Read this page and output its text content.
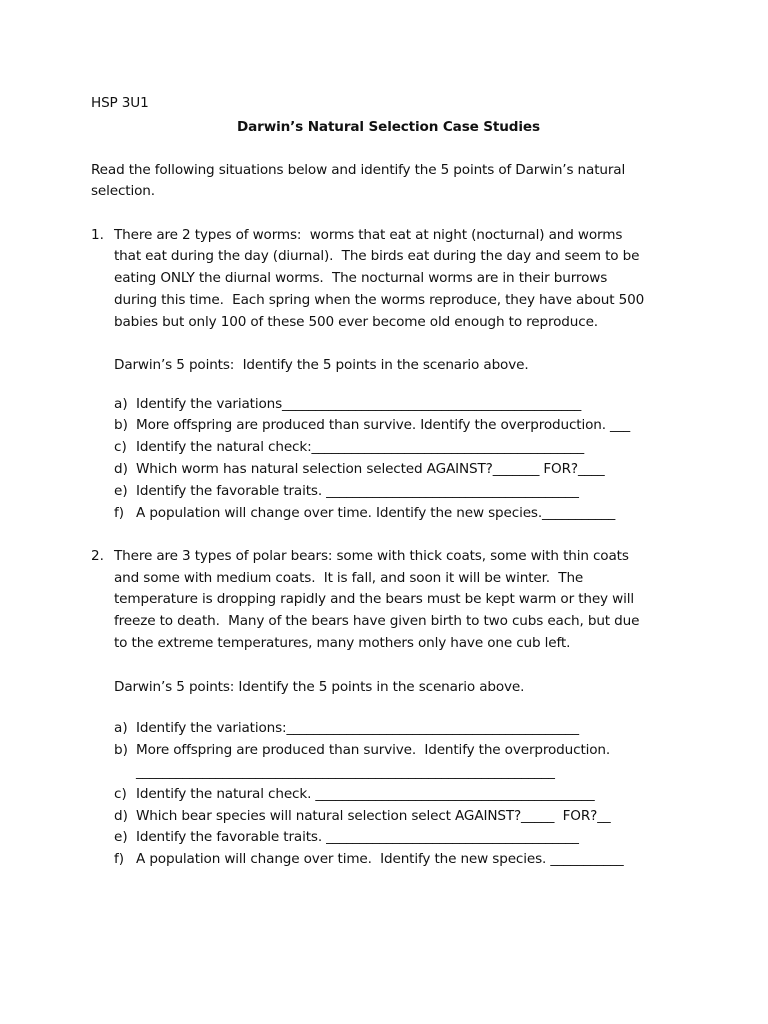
HSP 3U1
Darwin’s Natural Selection Case Studies
Read the following situations below and identify the 5 points of Darwin’s natural
selection.
1. There are 2 types of worms:  worms that eat at night (nocturnal) and worms
that eat during the day (diurnal).  The birds eat during the day and seem to be
eating ONLY the diurnal worms.  The nocturnal worms are in their burrows
during this time.  Each spring when the worms reproduce, they have about 500
babies but only 100 of these 500 ever become old enough to reproduce.
Darwin’s 5 points:  Identify the 5 points in the scenario above.
a) Identify the variations_____________________________________________
b) More offspring are produced than survive. Identify the overproduction. ___
c) Identify the natural check:_________________________________________
d) Which worm has natural selection selected AGAINST?_______ FOR?____
e) Identify the favorable traits. ______________________________________
f) A population will change over time. Identify the new species.___________
2. There are 3 types of polar bears: some with thick coats, some with thin coats
and some with medium coats.  It is fall, and soon it will be winter.  The
temperature is dropping rapidly and the bears must be kept warm or they will
freeze to death.  Many of the bears have given birth to two cubs each, but due
to the extreme temperatures, many mothers only have one cub left.
Darwin’s 5 points: Identify the 5 points in the scenario above.
a) Identify the variations:____________________________________________
b) More offspring are produced than survive.  Identify the overproduction.
_______________________________________________________________
c) Identify the natural check. __________________________________________
d) Which bear species will natural selection select AGAINST?_____  FOR?__
e) Identify the favorable traits. ______________________________________
f) A population will change over time.  Identify the new species. ___________
